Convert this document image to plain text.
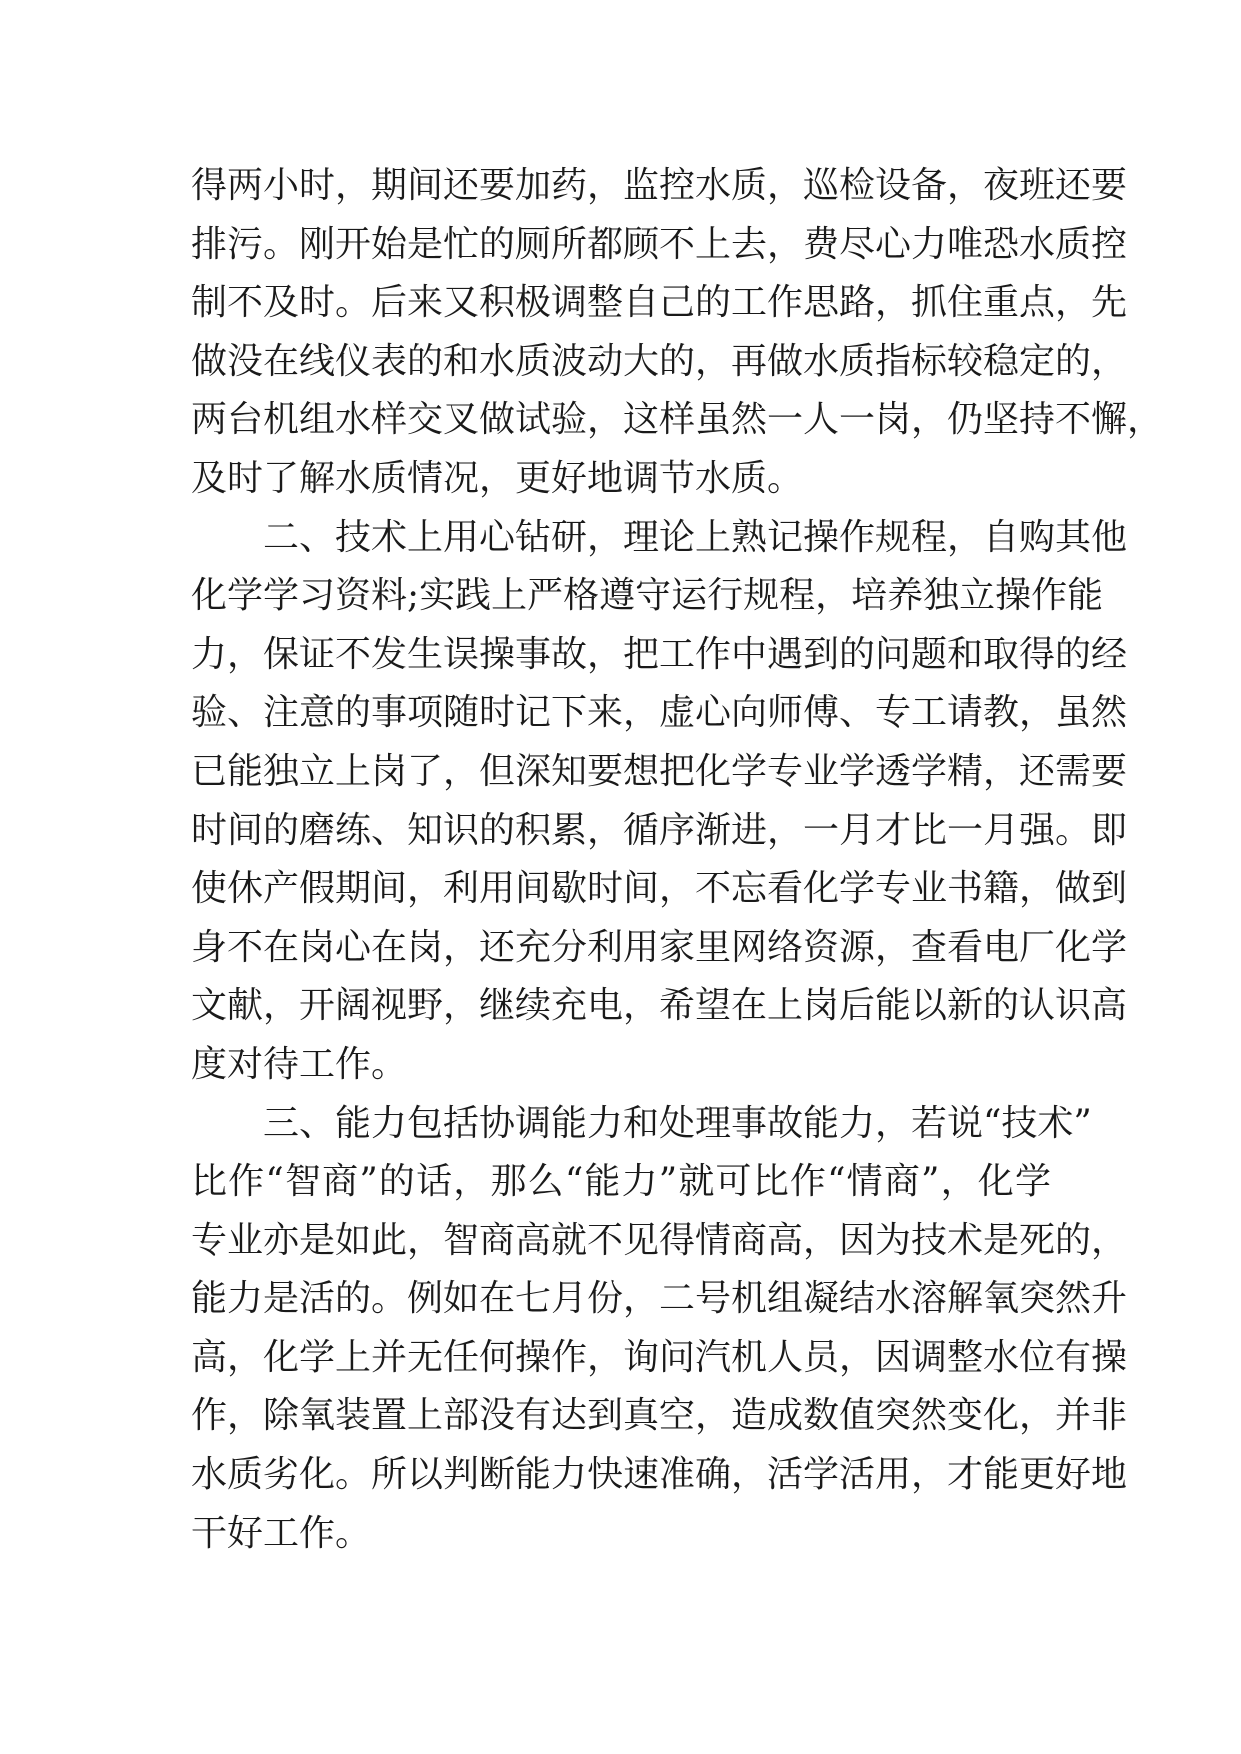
得两小时，期间还要加药，监控水质，巡检设备，夜班还要
排污。刚开始是忙的厕所都顾不上去，费尽心力唯恐水质控
制不及时。后来又积极调整自己的工作思路，抓住重点，先
做没在线仪表的和水质波动大的，再做水质指标较稳定的，
两台机组水样交叉做试验，这样虽然一人一岗，仍坚持不懈，
及时了解水质情况，更好地调节水质。
　　二、技术上用心钻研，理论上熟记操作规程，自购其他
化学学习资料;实践上严格遵守运行规程，培养独立操作能
力，保证不发生误操事故，把工作中遇到的问题和取得的经
验、注意的事项随时记下来，虚心向师傅、专工请教，虽然
已能独立上岗了，但深知要想把化学专业学透学精，还需要
时间的磨练、知识的积累，循序渐进，一月才比一月强。即
使休产假期间，利用间歇时间，不忘看化学专业书籍，做到
身不在岗心在岗，还充分利用家里网络资源，查看电厂化学
文献，开阔视野，继续充电，希望在上岗后能以新的认识高
度对待工作。
　　三、能力包括协调能力和处理事故能力，若说“技术”
比作“智商”的话，那么“能力”就可比作“情商”，化学
专业亦是如此，智商高就不见得情商高，因为技术是死的，
能力是活的。例如在七月份，二号机组凝结水溶解氧突然升
高，化学上并无任何操作，询问汽机人员，因调整水位有操
作，除氧装置上部没有达到真空，造成数值突然变化，并非
水质劣化。所以判断能力快速准确，活学活用，才能更好地
干好工作。
